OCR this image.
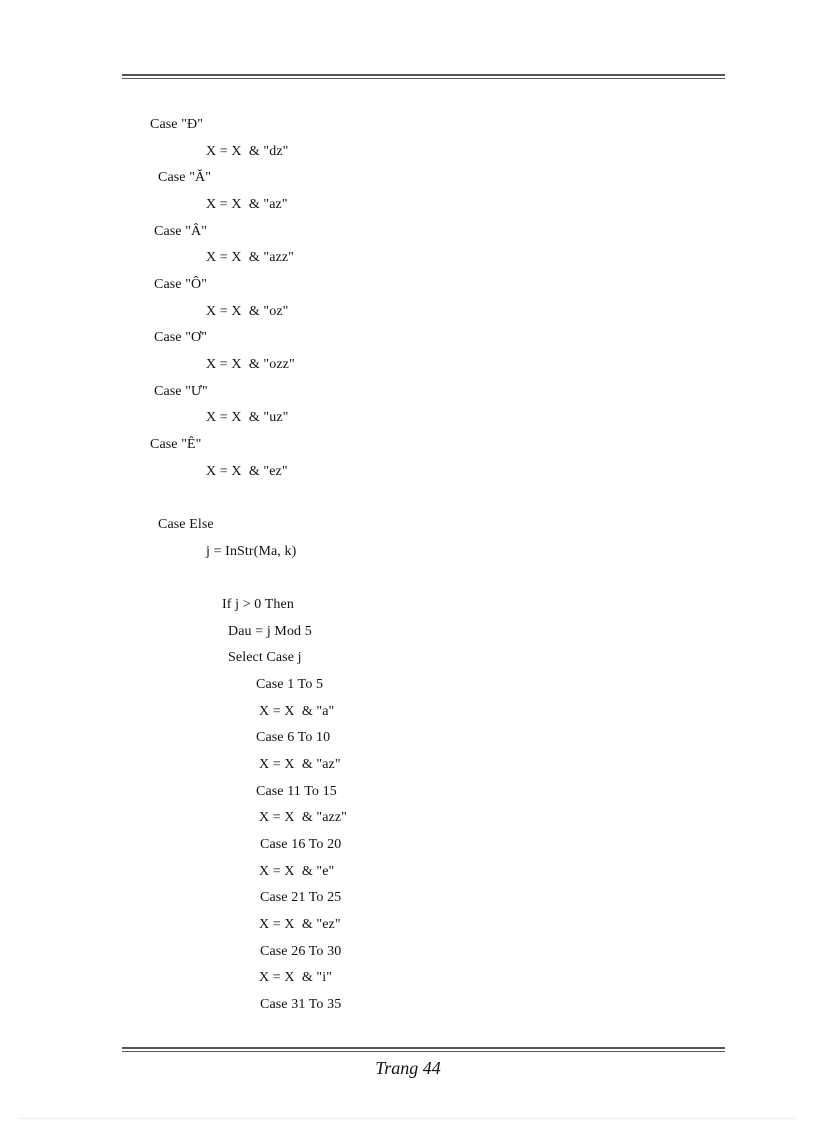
Case "Đ"
X = X  & "dz"
Case "Ă"
X = X  & "az"
Case "Â"
X = X  & "azz"
Case "Ô"
X = X  & "oz"
Case "Ơ"
X = X  & "ozz"
Case "Ư"
X = X  & "uz"
Case "Ê"
X = X  & "ez"
Case Else
j = InStr(Ma, k)
If j > 0 Then
Dau = j Mod 5
Select Case j
Case 1 To 5
X = X  & "a"
Case 6 To 10
X = X  & "az"
Case 11 To 15
X = X  & "azz"
Case 16 To 20
X = X  & "e"
Case 21 To 25
X = X  & "ez"
Case 26 To 30
X = X  & "i"
Case 31 To 35
Trang 44
